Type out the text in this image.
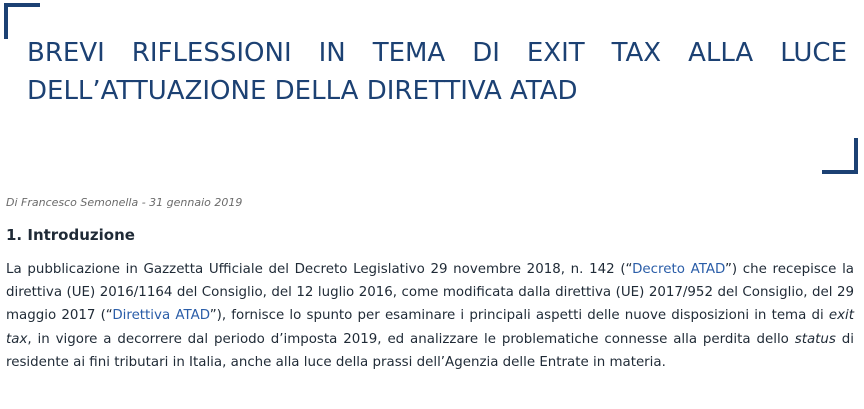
BREVI RIFLESSIONI IN TEMA DI EXIT TAX ALLA LUCE
DELL’ATTUAZIONE DELLA DIRETTIVA ATAD

Di Francesco Semonella - 31 gennaio 2019

1. Introduzione

La pubblicazione in Gazzetta Ufficiale del Decreto Legislativo 29 novembre 2018, n. 142 (“Decreto ATAD”) che recepisce la direttiva (UE) 2016/1164 del Consiglio, del 12 luglio 2016, come modificata dalla direttiva (UE) 2017/952 del Consiglio, del 29 maggio 2017 (“Direttiva ATAD”), fornisce lo spunto per esaminare i principali aspetti delle nuove disposizioni in tema di exit tax, in vigore a decorrere dal periodo d’imposta 2019, ed analizzare le problematiche connesse alla perdita dello status di residente ai fini tributari in Italia, anche alla luce della prassi dell’Agenzia delle Entrate in materia.
